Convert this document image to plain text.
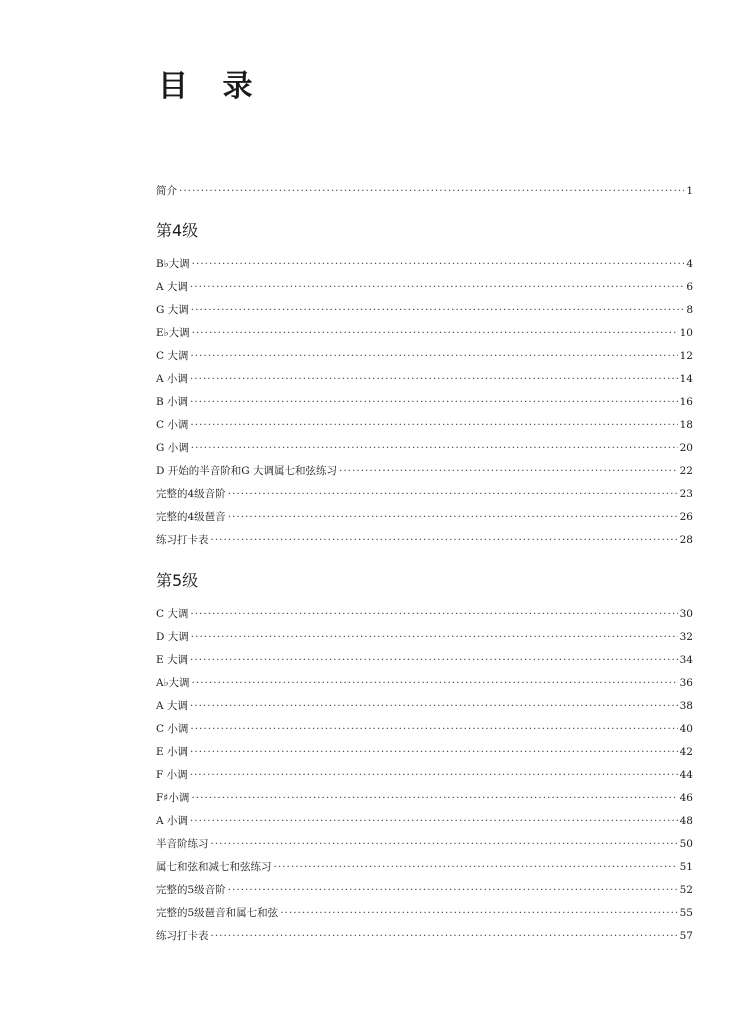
目 录
简介 ·····	1
第4级
B♭大调 ·····	4
A 大调 ·····	6
G 大调 ·····	8
E♭大调 ·····	10
C 大调 ·····	12
A 小调 ·····	14
B 小调 ·····	16
C 小调 ·····	18
G 小调 ·····	20
D 开始的半音阶和G 大调属七和弦练习 ·····	22
完整的4级音阶 ·····	23
完整的4级琶音 ·····	26
练习打卡表 ·····	28
第5级
C 大调 ·····	30
D 大调 ·····	32
E 大调 ·····	34
A♭大调 ·····	36
A 大调 ·····	38
C 小调 ·····	40
E 小调 ·····	42
F 小调 ·····	44
F♯小调 ·····	46
A 小调 ·····	48
半音阶练习 ·····	50
属七和弦和减七和弦练习 ·····	51
完整的5级音阶 ·····	52
完整的5级琶音和属七和弦 ·····	55
练习打卡表 ·····	57
